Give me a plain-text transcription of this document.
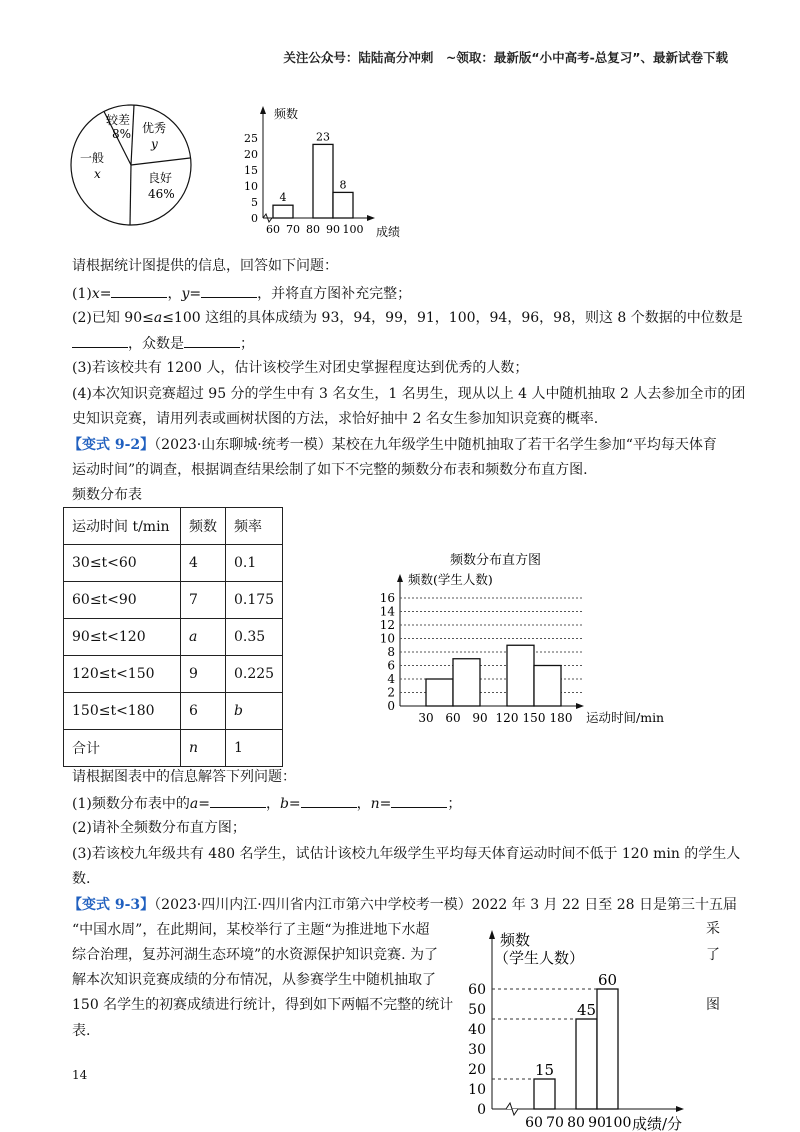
关注公众号：陆陆高分冲刺　~领取：最新版“小中高考-总复习”、最新试卷下载
较差
8% 优秀
y
良好
46%
一般
x
频数
成绩
0
5
10
15
20
25
60 70 80 90 100
4
23
8
请根据统计图提供的信息，回答如下问题：
(1)x=	，y=	，并将直方图补充完整；
(2)已知 90≤a≤100 这组的具体成绩为 93，94，99，91，100，94，96，98，则这 8 个数据的中位数是
，众数是	；
(3)若该校共有 1200 人，估计该校学生对团史掌握程度达到优秀的人数；
(4)本次知识竞赛超过 95 分的学生中有 3 名女生，1 名男生，现从以上 4 人中随机抽取 2 人去参加全市的团
史知识竞赛，请用列表或画树状图的方法，求恰好抽中 2 名女生参加知识竞赛的概率.
【变式 9-2】（2023·山东聊城·统考一模）某校在九年级学生中随机抽取了若干名学生参加“平均每天体育
运动时间”的调查，根据调查结果绘制了如下不完整的频数分布表和频数分布直方图.
频数分布表
运动时间 t/min	频数	频率
30≤t<60	4	0.1
60≤t<90	7	0.175
90≤t<120	a	0.35
120≤t<150	9	0.225
150≤t<180	6	b
合计	n	1
频数分布直方图
频数(学生人数)
运动时间/min
0
2
4
6
8
10
12
14
16
30 60 90 120 150 180
请根据图表中的信息解答下列问题：
(1)频数分布表中的a=	，b=	，n=	；
(2)请补全频数分布直方图；
(3)若该校九年级共有 480 名学生，试估计该校九年级学生平均每天体育运动时间不低于 120 min 的学生人
数.
【变式 9-3】（2023·四川内江·四川省内江市第六中学校考一模）2022 年 3 月 22 日至 28 日是第三十五届
“中国水周”，在此期间，某校举行了主题“为推进地下水超
综合治理，复苏河湖生态环境”的水资源保护知识竞赛. 为了
解本次知识竞赛成绩的分布情况，从参赛学生中随机抽取了
150 名学生的初赛成绩进行统计，得到如下两幅不完整的统计
表.
采
了
图
频数
（学生人数）
成绩/分
0
10
20
30
40
50
60
60 70 80 90
100
15
45
60
14
